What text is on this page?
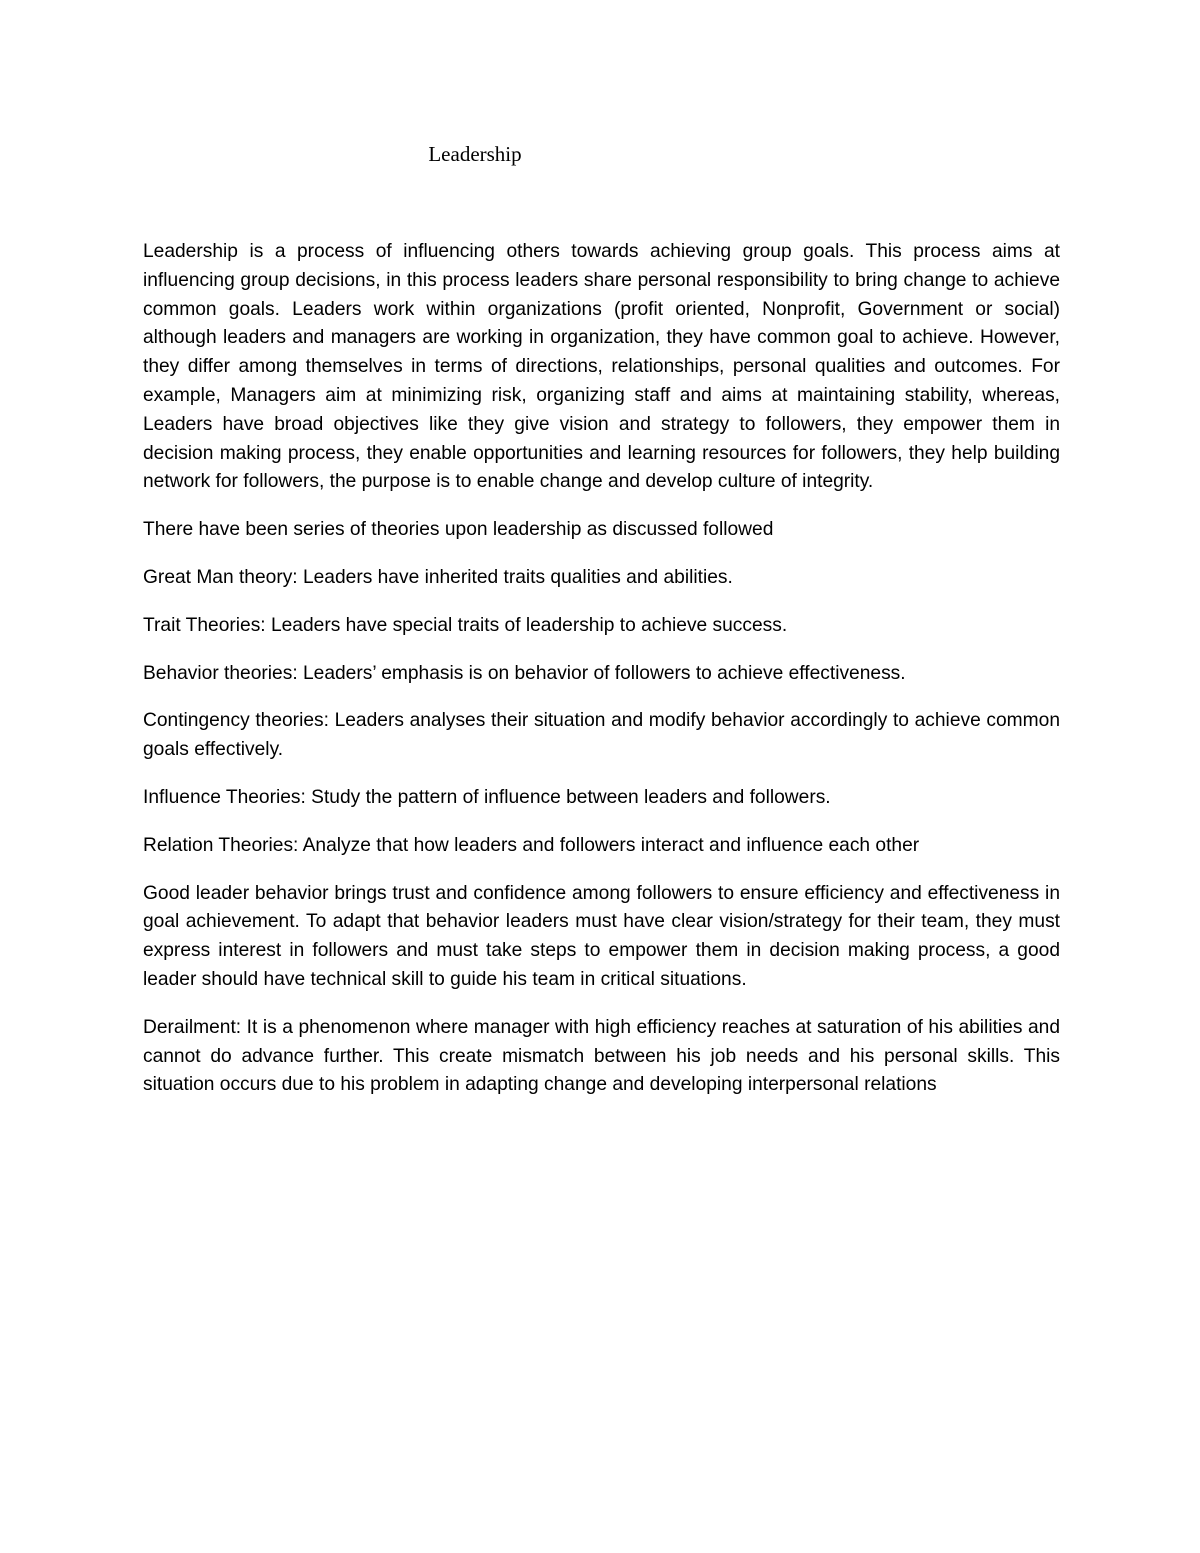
Leadership

Leadership is a process of influencing others towards achieving group goals. This process aims at influencing group decisions, in this process leaders share personal responsibility to bring change to achieve common goals. Leaders work within organizations (profit oriented, Nonprofit, Government or social) although leaders and managers are working in organization, they have common goal to achieve. However, they differ among themselves in terms of directions, relationships, personal qualities and outcomes. For example, Managers aim at minimizing risk, organizing staff and aims at maintaining stability, whereas, Leaders have broad objectives like they give vision and strategy to followers, they empower them in decision making process, they enable opportunities and learning resources for followers, they help building network for followers, the purpose is to enable change and develop culture of integrity.

There have been series of theories upon leadership as discussed followed

Great Man theory: Leaders have inherited traits qualities and abilities.

Trait Theories: Leaders have special traits of leadership to achieve success.

Behavior theories: Leaders’ emphasis is on behavior of followers to achieve effectiveness.

Contingency theories: Leaders analyses their situation and modify behavior accordingly to achieve common goals effectively.

Influence Theories: Study the pattern of influence between leaders and followers.

Relation Theories: Analyze that how leaders and followers interact and influence each other

Good leader behavior brings trust and confidence among followers to ensure efficiency and effectiveness in goal achievement. To adapt that behavior leaders must have clear vision/strategy for their team, they must express interest in followers and must take steps to empower them in decision making process, a good leader should have technical skill to guide his team in critical situations.

Derailment: It is a phenomenon where manager with high efficiency reaches at saturation of his abilities and cannot do advance further. This create mismatch between his job needs and his personal skills. This situation occurs due to his problem in adapting change and developing interpersonal relations
